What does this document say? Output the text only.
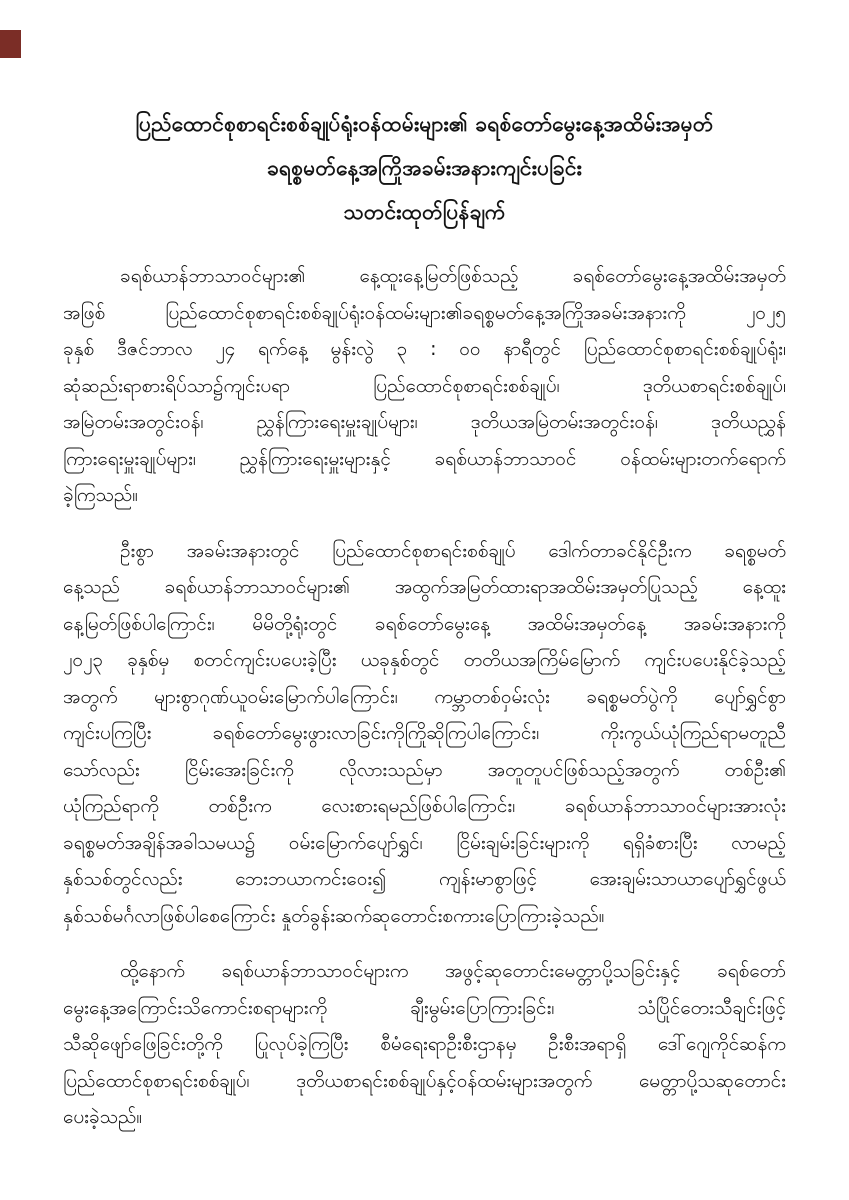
ပြည်ထောင်စုစာရင်းစစ်ချုပ်ရုံးဝန်ထမ်းများ၏ ခရစ်တော်မွေးနေ့အထိမ်းအမှတ်
ခရစ္စမတ်နေ့အကြိုအခမ်းအနားကျင်းပခြင်း
သတင်းထုတ်ပြန်ချက်
ခရစ်ယာန်ဘာသာဝင်များ၏ နေ့ထူးနေ့မြတ်ဖြစ်သည့် ခရစ်တော်မွေးနေ့အထိမ်းအမှတ်
အဖြစ် ပြည်ထောင်စုစာရင်းစစ်ချုပ်ရုံးဝန်ထမ်းများ၏ခရစ္စမတ်နေ့အကြိုအခမ်းအနားကို ၂၀၂၅
ခုနှစ် ဒီဇင်ဘာလ ၂၄ ရက်နေ့ မွန်းလွဲ ၃ : ၀၀ နာရီတွင် ပြည်ထောင်စုစာရင်းစစ်ချုပ်ရုံး၊
ဆုံဆည်းရာစားရိပ်သာ၌ကျင်းပရာ ပြည်ထောင်စုစာရင်းစစ်ချုပ်၊ ဒုတိယစာရင်းစစ်ချုပ်၊
အမြဲတမ်းအတွင်းဝန်၊ ညွှန်ကြားရေးမှူးချုပ်များ၊ ဒုတိယအမြဲတမ်းအတွင်းဝန်၊ ဒုတိယညွှန်
ကြားရေးမှူးချုပ်များ၊ ညွှန်ကြားရေးမှူးများနှင့် ခရစ်ယာန်ဘာသာဝင် ဝန်ထမ်းများတက်ရောက်
ခဲ့ကြသည်။
ဦးစွာ အခမ်းအနားတွင် ပြည်ထောင်စုစာရင်းစစ်ချုပ် ဒေါက်တာခင်နိုင်ဦးက ခရစ္စမတ်
နေ့သည် ခရစ်ယာန်ဘာသာဝင်များ၏ အထွက်အမြတ်ထားရာအထိမ်းအမှတ်ပြုသည့် နေ့ထူး
နေ့မြတ်ဖြစ်ပါကြောင်း၊ မိမိတို့ရုံးတွင် ခရစ်တော်မွေးနေ့ အထိမ်းအမှတ်နေ့ အခမ်းအနားကို
၂၀၂၃ ခုနှစ်မှ စတင်ကျင်းပပေးခဲ့ပြီး ယခုနှစ်တွင် တတိယအကြိမ်မြောက် ကျင်းပပေးနိုင်ခဲ့သည့်
အတွက် များစွာဂုဏ်ယူဝမ်းမြောက်ပါကြောင်း၊ ကမ္ဘာတစ်ဝှမ်းလုံး ခရစ္စမတ်ပွဲကို ပျော်ရွှင်စွာ
ကျင်းပကြပြီး ခရစ်တော်မွေးဖွားလာခြင်းကိုကြိုဆိုကြပါကြောင်း၊ ကိုးကွယ်ယုံကြည်ရာမတူညီ
သော်လည်း ငြိမ်းအေးခြင်းကို လိုလားသည်မှာ အတူတူပင်ဖြစ်သည့်အတွက် တစ်ဦး၏
ယုံကြည်ရာကို တစ်ဦးက လေးစားရမည်ဖြစ်ပါကြောင်း၊ ခရစ်ယာန်ဘာသာဝင်များအားလုံး
ခရစ္စမတ်အချိန်အခါသမယ၌ ဝမ်းမြောက်ပျော်ရွှင်၊ ငြိမ်းချမ်းခြင်းများကို ရရှိခံစားပြီး လာမည့်
နှစ်သစ်တွင်လည်း ဘေးဘယာကင်းဝေး၍ ကျန်းမာစွာဖြင့် အေးချမ်းသာယာပျော်ရွှင်ဖွယ်
နှစ်သစ်မင်္ဂလာဖြစ်ပါစေကြောင်း နှုတ်ခွန်းဆက်ဆုတောင်းစကားပြောကြားခဲ့သည်။
ထို့နောက် ခရစ်ယာန်ဘာသာဝင်များက အဖွင့်ဆုတောင်းမေတ္တာပို့သခြင်းနှင့် ခရစ်တော်
မွေးနေ့အကြောင်းသိကောင်းစရာများကို ချီးမွမ်းပြောကြားခြင်း၊ သံပြိုင်တေးသီချင်းဖြင့်
သီဆိုဖျော်ဖြေခြင်းတို့ကို ပြုလုပ်ခဲ့ကြပြီး စီမံရေးရာဦးစီးဌာနမှ ဦးစီးအရာရှိ ဒေါ်ဂျေကိုင်ဆန်က
ပြည်ထောင်စုစာရင်းစစ်ချုပ်၊ ဒုတိယစာရင်းစစ်ချုပ်နှင့်ဝန်ထမ်းများအတွက် မေတ္တာပို့သဆုတောင်း
ပေးခဲ့သည်။
